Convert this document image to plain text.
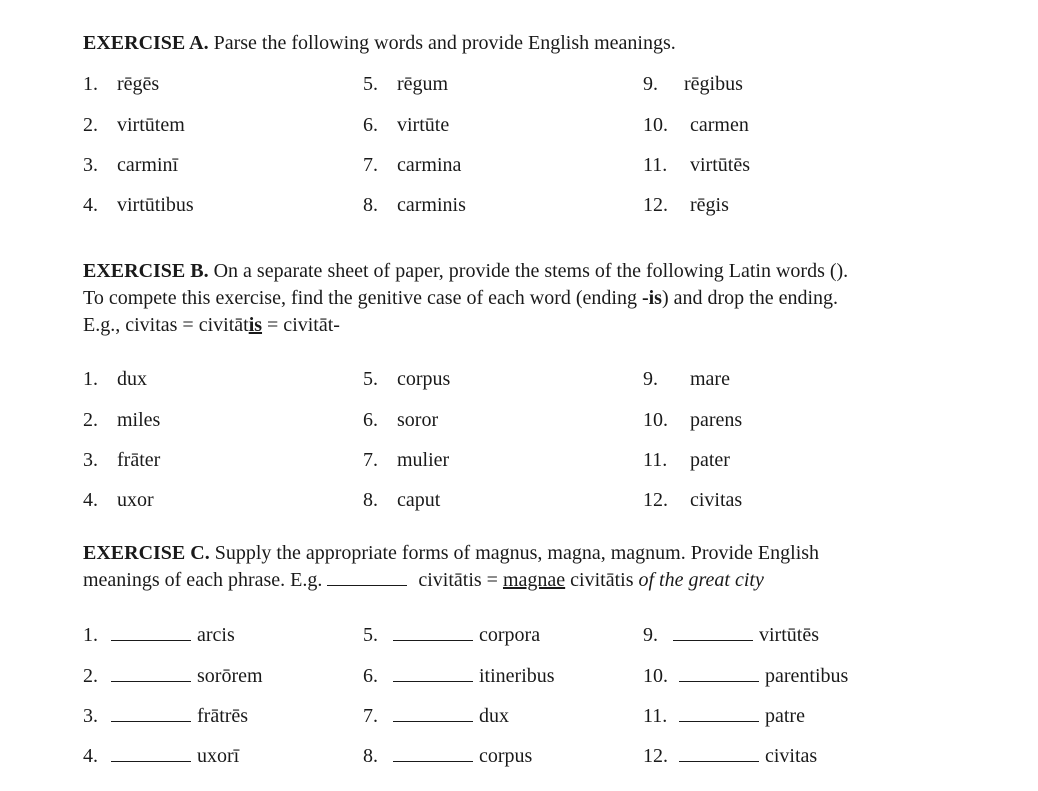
EXERCISE A. Parse the following words and provide English meanings.

1. rēgēs
2. virtūtem
3. carminī
4. virtūtibus
5. rēgum
6. virtūte
7. carmina
8. carminis
9. rēgibus
10. carmen
11. virtūtēs
12. rēgis
EXERCISE B. On a separate sheet of paper, provide the stems of the following Latin words ().
To compete this exercise, find the genitive case of each word (ending -is) and drop the ending.
E.g., civitas = civitātis = civitāt-
1. dux
2. miles
3. frāter
4. uxor
5. corpus
6. soror
7. mulier
8. caput
9. mare
10. parens
11. pater
12. civitas
EXERCISE C. Supply the appropriate forms of magnus, magna, magnum. Provide English
meanings of each phrase. E.g.	civitātis = magnae civitātis of the great city
1.	arcis
2.	sorōrem
3.	frātrēs
4.	uxorī
5.	corpora
6.	itineribus
7.	dux
8.	corpus
9.	virtūtēs
10.	parentibus
11.	patre
12.	civitas
